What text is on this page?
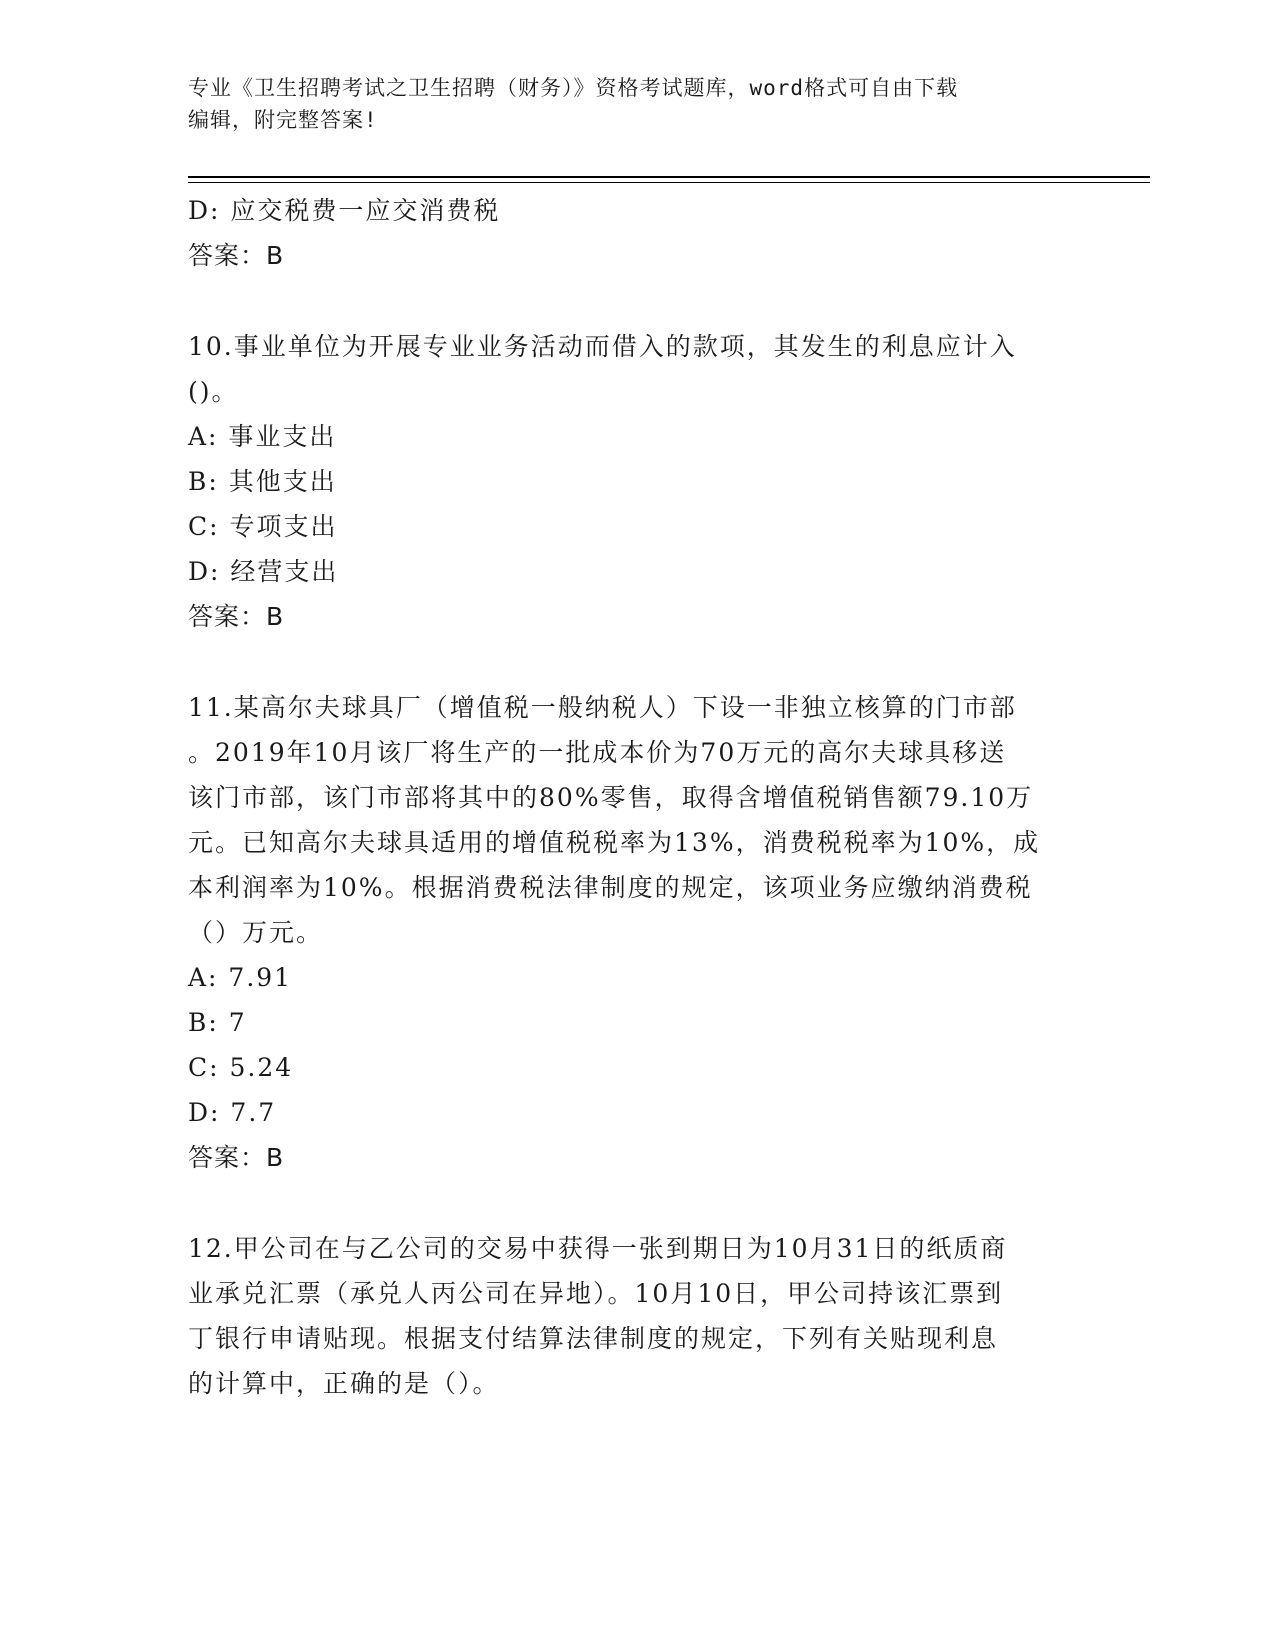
专业《卫生招聘考试之卫生招聘（财务）》资格考试题库，word格式可自由下载
编辑，附完整答案!
D: 应交税费一应交消费税
答案：B
10.事业单位为开展专业业务活动而借入的款项，其发生的利息应计入
()。
A: 事业支出
B: 其他支出
C: 专项支出
D: 经营支出
答案：B
11.某高尔夫球具厂（增值税一般纳税人）下设一非独立核算的门市部
。2019年10月该厂将生产的一批成本价为70万元的高尔夫球具移送
该门市部，该门市部将其中的80%零售，取得含增值税销售额79.10万
元。已知高尔夫球具适用的增值税税率为13%，消费税税率为10%，成
本利润率为10%。根据消费税法律制度的规定，该项业务应缴纳消费税
（）万元。
A: 7.91
B: 7
C: 5.24
D: 7.7
答案：B
12.甲公司在与乙公司的交易中获得一张到期日为10月31日的纸质商
业承兑汇票（承兑人丙公司在异地）。10月10日，甲公司持该汇票到
丁银行申请贴现。根据支付结算法律制度的规定，下列有关贴现利息
的计算中，正确的是（）。
